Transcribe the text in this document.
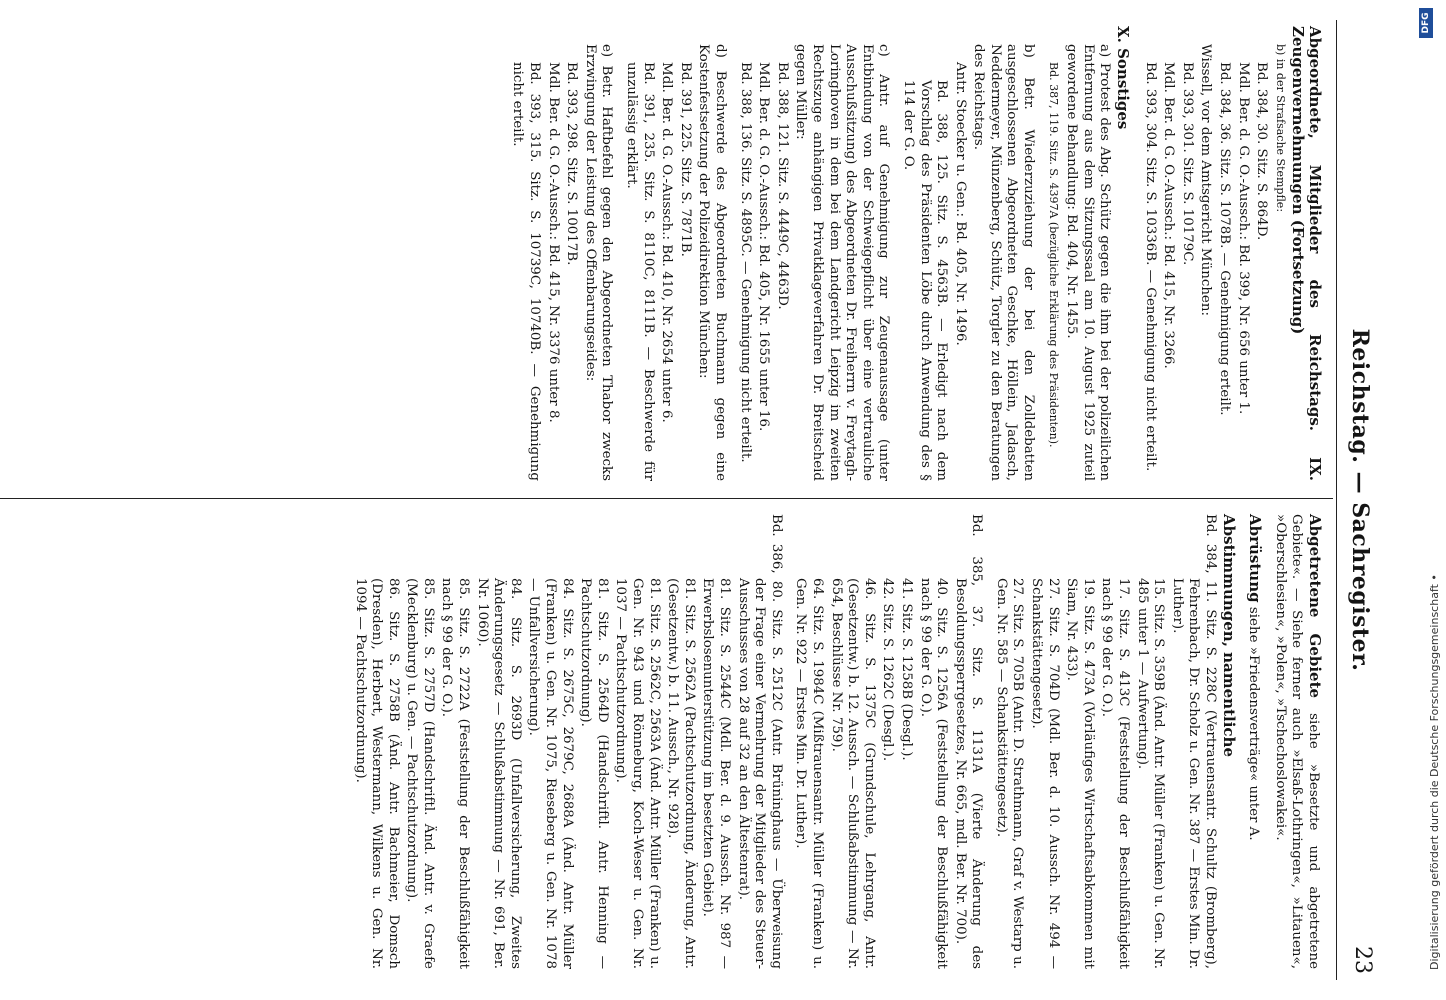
Reichstag. — Sachregister.
23

Abgeordnete, Mitglieder des Reichstags. IX. Zeugenvernehmungen (Fortsetzung)

b) in der Strafsache Stempfle:

Bd. 384, 30. Sitz. S. 864D.

Mdl. Ber. d. G. O.-Aussch.: Bd. 399, Nr. 656 unter 1.

Bd. 384, 36. Sitz. S. 1078B. — Genehmigung erteilt.

Wissell, vor dem Amtsgericht München:

Bd. 393, 301. Sitz. S. 10179C.

Mdl. Ber. d. G. O.-Aussch.: Bd. 415, Nr. 3266.

Bd. 393, 304. Sitz. S. 10336B. — Genehmigung nicht erteilt.

X. Sonstiges

a) Protest des Abg. Schütz gegen die ihm bei der polizeilichen Entfernung aus dem Sitzungssaal am 10. August 1925 zuteil gewordene Behandlung: Bd. 404, Nr. 1455.

Bd. 387, 119. Sitz. S. 4397A (bezügliche Erklärung des Präsidenten).

b) Betr. Wiederzuziehung der bei den Zolldebatten ausgeschlossenen Abgeordneten Geschke, Höllein, Jadasch, Neddermeyer, Münzenberg, Schütz, Torgler zu den Beratungen des Reichstags.

Antr. Stoecker u. Gen.: Bd. 405, Nr. 1496.

Bd. 388, 125. Sitz. S. 4563B. — Erledigt nach dem Vorschlag des Präsidenten Löbe durch Anwendung des § 114 der G. O.

c) Antr. auf Genehmigung zur Zeugenaussage (unter Entbindung von der Schweigepflicht über eine vertrauliche Ausschußsitzung) des Abgeordneten Dr. Freiherrn v. Freytagh-Loringhoven in dem bei dem Landgericht Leipzig im zweiten Rechtszuge anhängigen Privatklageverfahren Dr. Breitscheid gegen Müller:

Bd. 388, 121. Sitz. S. 4449C, 4463D.

Mdl. Ber. d. G. O.-Aussch.: Bd. 405, Nr. 1655 unter 16.

Bd. 388, 136. Sitz. S. 4895C. — Genehmigung nicht erteilt.

d) Beschwerde des Abgeordneten Buchmann gegen eine Kostenfestsetzung der Polizeidirektion München:

Bd. 391, 225. Sitz. S. 7871B.

Mdl. Ber. d. G. O.-Aussch.: Bd. 410, Nr. 2654 unter 6.

Bd. 391, 235. Sitz. S. 8110C, 8111B. — Beschwerde für unzulässig erklärt.

e) Betr. Haftbefehl gegen den Abgeordneten Thabor zwecks Erzwingung der Leistung des Offenbarungseides:

Bd. 393, 298. Sitz. S. 10017B.

Mdl. Ber. d. G. O.-Aussch.: Bd. 415, Nr. 3376 unter 8.

Bd. 393, 315. Sitz. S. 10739C, 10740B. — Genehmigung nicht erteilt.

Abgetretene Gebiete siehe »Besetzte und abgetretene Gebiete«. — Siehe ferner auch »Elsaß-Lothringen«, »Litauen«, »Oberschlesien«, »Polen«, »Tschechoslowakei«.

Abrüstung siehe »Friedensverträge« unter A.

Abstimmungen, namentliche

Bd. 384, 11. Sitz. S. 228C (Vertrauensantr. Schultz (Bromberg), Fehrenbach, Dr. Scholz u. Gen. Nr. 387 — Erstes Min. Dr. Luther).

15. Sitz. S. 359B (Änd. Antr. Müller (Franken) u. Gen. Nr. 485 unter 1 — Aufwertung).

17. Sitz. S. 413C (Feststellung der Beschlußfähigkeit nach § 99 der G. O.).

19. Sitz. S. 473A (Vorläufiges Wirtschaftsabkommen mit Siam, Nr. 433).

27. Sitz. S. 704D (Mdl. Ber. d. 10. Aussch. Nr. 494 — Schankstättengesetz).

27. Sitz. S. 705B (Antr. D. Strathmann, Graf v. Westarp u. Gen. Nr. 585 — Schankstättengesetz).

Bd. 385, 37. Sitz. S. 1131A (Vierte Änderung des Besoldungssperrgesetzes, Nr. 665, mdl. Ber. Nr. 700).

40. Sitz. S. 1256A (Feststellung der Beschlußfähigkeit nach § 99 der G. O.).

41. Sitz. S. 1258B (Desgl.).

42. Sitz. S. 1262C (Desgl.).

46. Sitz. S. 1375C (Grundschule, Lehrgang, Antr. (Gesetzentw.) b. 12. Aussch. — Schlußabstimmung — Nr. 654, Beschlüsse Nr. 759).

64. Sitz. S. 1984C (Mißtrauensantr. Müller (Franken) u. Gen. Nr. 922 — Erstes Min. Dr. Luther).

Bd. 386, 80. Sitz. S. 2512C (Antr. Brüninghaus — Überweisung der Frage einer Vermehrung der Mitglieder des Steuer-Ausschusses von 28 auf 32 an den Ältestenrat).

81. Sitz. S. 2544C (Mdl. Ber. d. 9. Aussch. Nr. 987 — Erwerbslosenunterstützung im besetzten Gebiet).

81. Sitz. S. 2562A (Pachtschutzordnung, Änderung, Antr. (Gesetzentw.) b. 11. Aussch., Nr. 928).

81. Sitz. S. 2562C, 2563A (Änd. Antr. Müller (Franken) u. Gen. Nr. 943 und Rönneburg, Koch-Weser u. Gen. Nr. 1037 — Pachtschutzordnung).

81. Sitz. S. 2564D (Handschriftl. Antr. Henning — Pachtschutzordnung).

84. Sitz. S. 2675C, 2679C, 2688A (Änd. Antr. Müller (Franken) u. Gen. Nr. 1075, Rieseberg u. Gen. Nr. 1078 — Unfallversicherung).

84. Sitz. S. 2693D (Unfallversicherung, Zweites Änderungsgesetz — Schlußabstimmung — Nr. 691, Ber. Nr. 1060).

85. Sitz. S. 2722A (Feststellung der Beschlußfähigkeit nach § 99 der G. O.).

85. Sitz. S. 2757D (Handschriftl. Änd. Antr. v. Graefe (Mecklenburg) u. Gen. — Pachtschutzordnung).

86. Sitz. S. 2758B (Änd. Antr. Bachmeier, Domsch (Dresden), Herbert, Westermann, Wilkens u. Gen. Nr. 1094 — Pachtschutzordnung).

DFG
Digitalisierung gefördert durch die Deutsche Forschungsgemeinschaft •
